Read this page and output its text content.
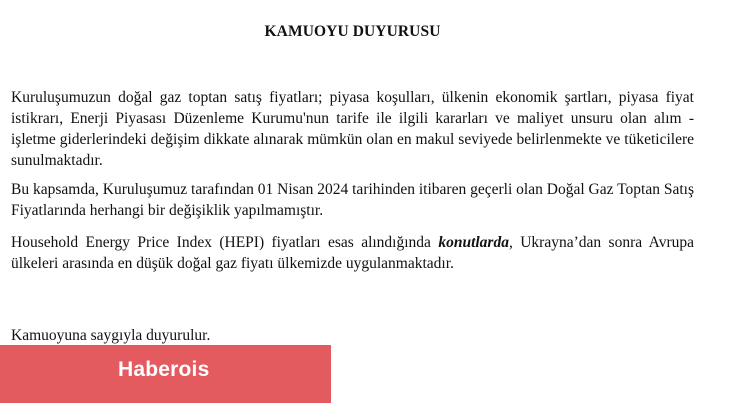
KAMUOYU DUYURUSU

Kuruluşumuzun doğal gaz toptan satış fiyatları; piyasa koşulları, ülkenin ekonomik şartları, piyasa fiyat istikrarı, Enerji Piyasası Düzenleme Kurumu'nun tarife ile ilgili kararları ve maliyet unsuru olan alım - işletme giderlerindeki değişim dikkate alınarak mümkün olan en makul seviyede belirlenmekte ve tüketicilere sunulmaktadır.

Bu kapsamda, Kuruluşumuz tarafından 01 Nisan 2024 tarihinden itibaren geçerli olan Doğal Gaz Toptan Satış Fiyatlarında herhangi bir değişiklik yapılmamıştır.

Household Energy Price Index (HEPI) fiyatları esas alındığında konutlarda, Ukrayna’dan sonra Avrupa ülkeleri arasında en düşük doğal gaz fiyatı ülkemizde uygulanmaktadır.

Kamuoyuna saygıyla duyurulur.

Haberois
